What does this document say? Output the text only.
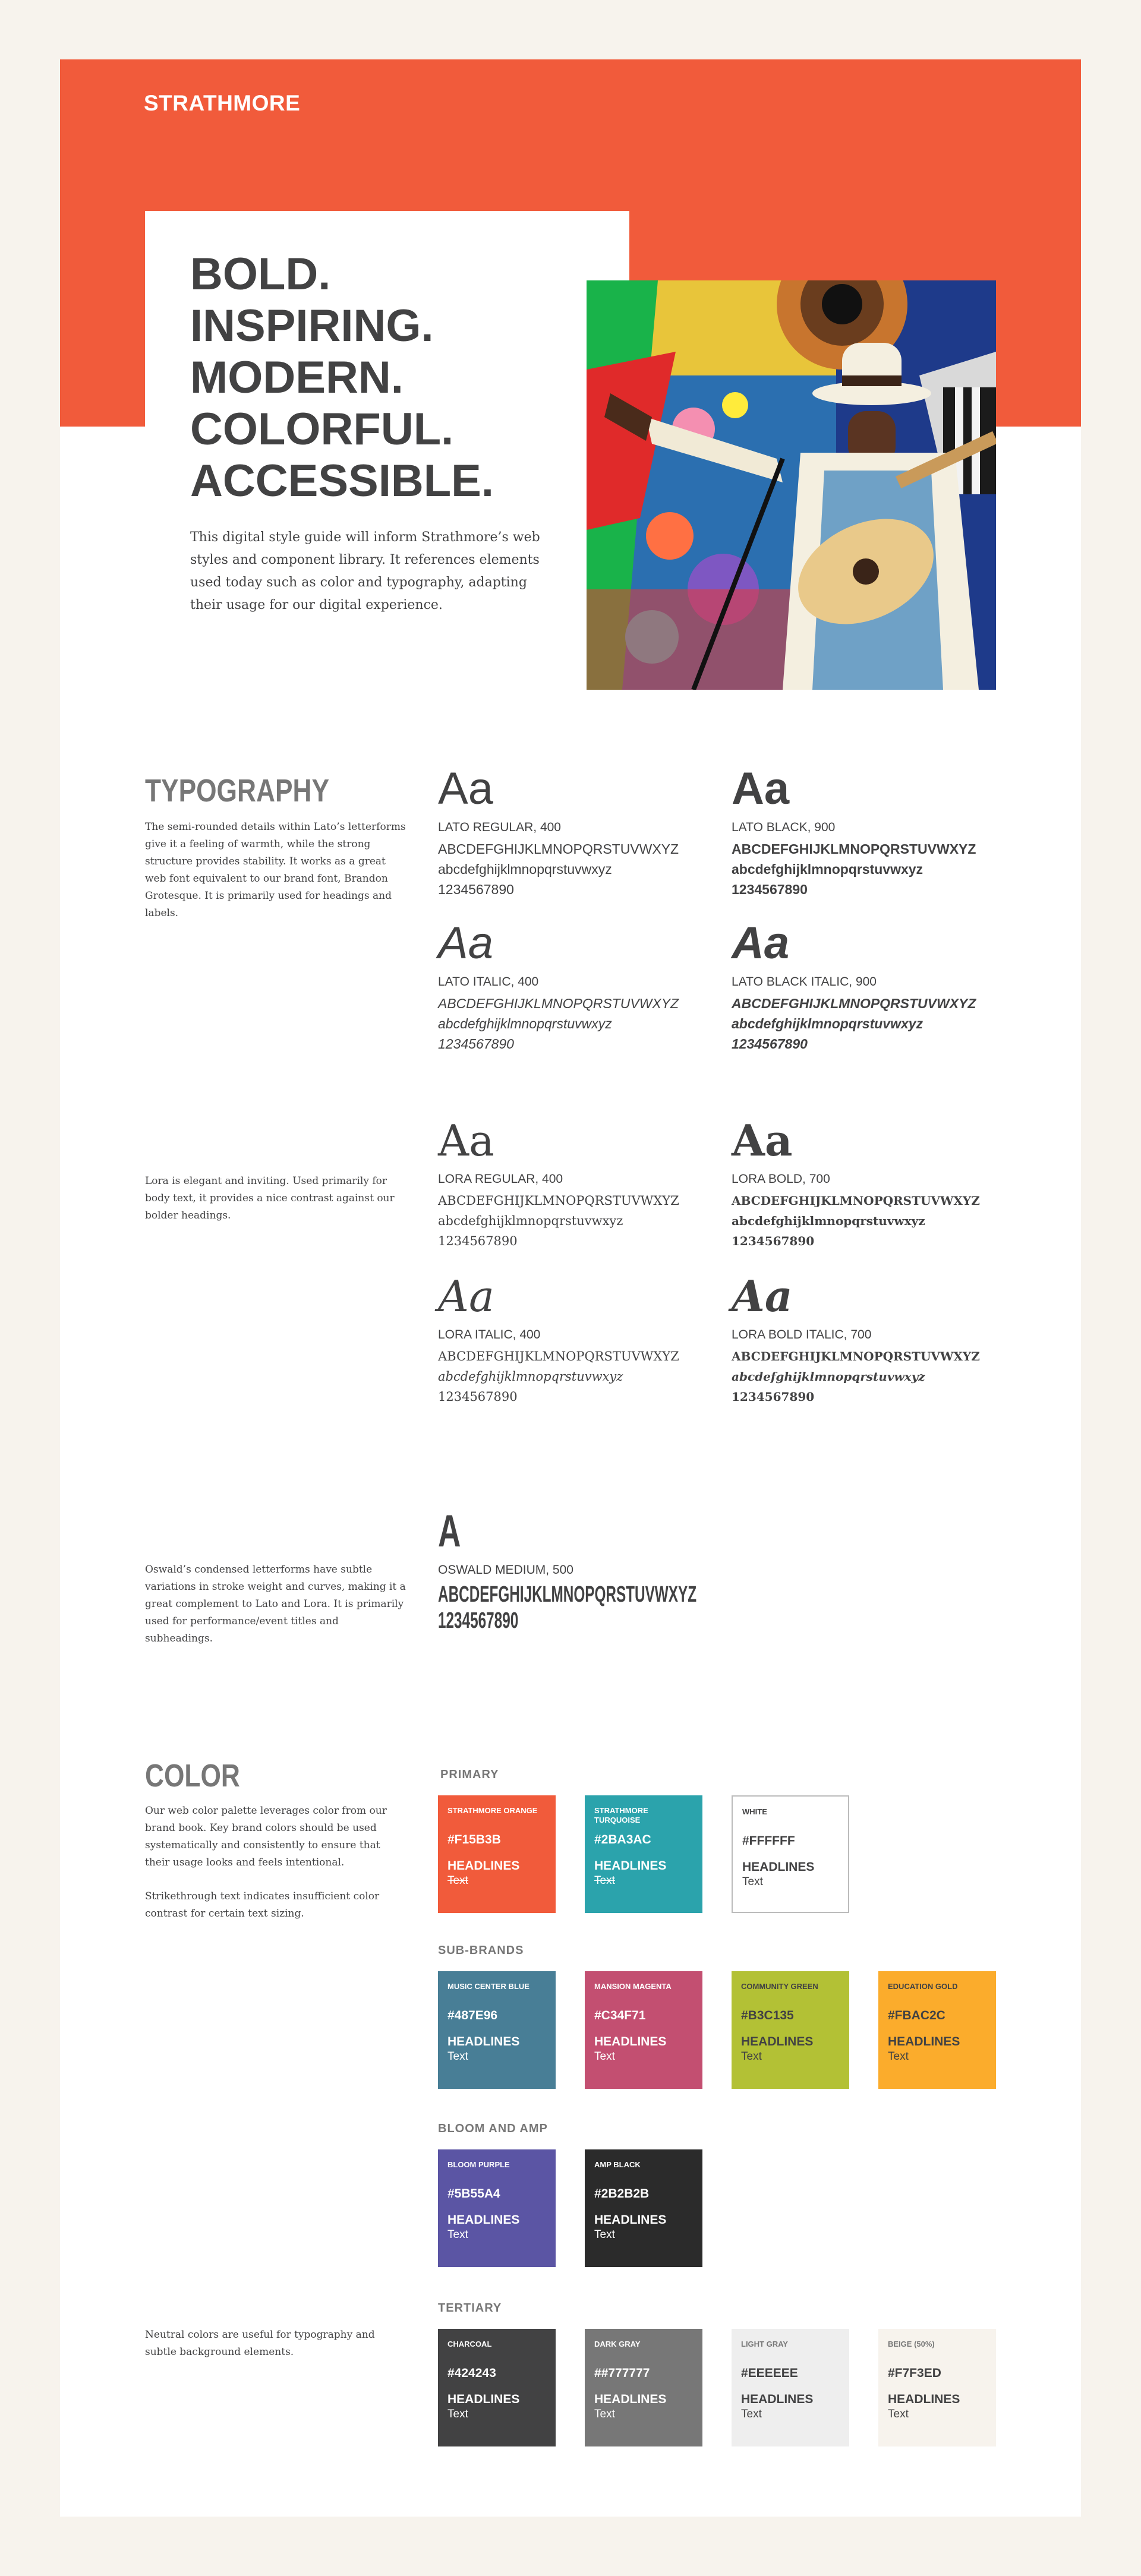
STRATHMORE
BOLD.
INSPIRING.
MODERN.
COLORFUL.
ACCESSIBLE.
This digital style guide will inform Strathmore’s web styles and component library. It references elements used today such as color and typography, adapting their usage for our digital experience.
TYPOGRAPHY
The semi-rounded details within Lato’s letterforms give it a feeling of warmth, while the strong structure provides stability. It works as a great web font equivalent to our brand font, Brandon Grotesque. It is primarily used for headings and labels.
Aa
LATO REGULAR, 400
ABCDEFGHIJKLMNOPQRSTUVWXYZ
abcdefghijklmnopqrstuvwxyz
1234567890
Aa
LATO BLACK, 900
ABCDEFGHIJKLMNOPQRSTUVWXYZ
abcdefghijklmnopqrstuvwxyz
1234567890
Aa
LATO ITALIC, 400
ABCDEFGHIJKLMNOPQRSTUVWXYZ
abcdefghijklmnopqrstuvwxyz
1234567890
Aa
LATO BLACK ITALIC, 900
ABCDEFGHIJKLMNOPQRSTUVWXYZ
abcdefghijklmnopqrstuvwxyz
1234567890
Lora is elegant and inviting. Used primarily for body text, it provides a nice contrast against our bolder headings.
Aa
LORA REGULAR, 400
ABCDEFGHIJKLMNOPQRSTUVWXYZ
abcdefghijklmnopqrstuvwxyz
1234567890
Aa
LORA BOLD, 700
ABCDEFGHIJKLMNOPQRSTUVWXYZ
abcdefghijklmnopqrstuvwxyz
1234567890
Aa
LORA ITALIC, 400
ABCDEFGHIJKLMNOPQRSTUVWXYZ
abcdefghijklmnopqrstuvwxyz
1234567890
Aa
LORA BOLD ITALIC, 700
ABCDEFGHIJKLMNOPQRSTUVWXYZ
abcdefghijklmnopqrstuvwxyz
1234567890
Oswald’s condensed letterforms have subtle variations in stroke weight and curves, making it a great complement to Lato and Lora. It is primarily used for performance/event titles and subheadings.
A
OSWALD MEDIUM, 500
ABCDEFGHIJKLMNOPQRSTUVWXYZ
1234567890
COLOR
Our web color palette leverages color from our brand book. Key brand colors should be used systematically and consistently to ensure that their usage looks and feels intentional.
Strikethrough text indicates insufficient color contrast for certain text sizing.
Neutral colors are useful for typography and subtle background elements.
PRIMARY
STRATHMORE ORANGE
#F15B3B
HEADLINES
Text
STRATHMORE TURQUOISE
#2BA3AC
HEADLINES
Text
WHITE
#FFFFFF
HEADLINES
Text
SUB-BRANDS
MUSIC CENTER BLUE
#487E96
HEADLINES
Text
MANSION MAGENTA
#C34F71
HEADLINES
Text
COMMUNITY GREEN
#B3C135
HEADLINES
Text
EDUCATION GOLD
#FBAC2C
HEADLINES
Text
BLOOM AND AMP
BLOOM PURPLE
#5B55A4
HEADLINES
Text
AMP BLACK
#2B2B2B
HEADLINES
Text
TERTIARY
CHARCOAL
#424243
HEADLINES
Text
DARK GRAY
##777777
HEADLINES
Text
LIGHT GRAY
#EEEEEE
HEADLINES
Text
BEIGE (50%)
#F7F3ED
HEADLINES
Text
